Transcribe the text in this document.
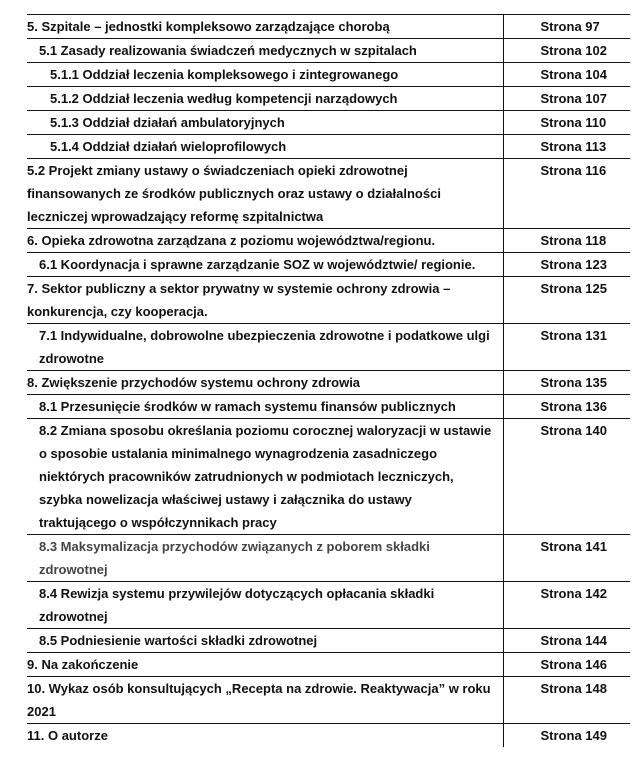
5. Szpitale – jednostki kompleksowo zarządzające chorobą	Strona 97
5.1 Zasady realizowania świadczeń medycznych w szpitalach	Strona 102
5.1.1 Oddział leczenia kompleksowego i zintegrowanego	Strona 104
5.1.2 Oddział leczenia według kompetencji narządowych	Strona 107
5.1.3 Oddział działań ambulatoryjnych	Strona 110
5.1.4 Oddział działań wieloprofilowych	Strona 113
5.2 Projekt zmiany ustawy o świadczeniach opieki zdrowotnej finansowanych ze środków publicznych oraz ustawy o działalności leczniczej wprowadzający reformę szpitalnictwa	Strona 116
6. Opieka zdrowotna zarządzana z poziomu województwa/regionu.	Strona 118
6.1 Koordynacja i sprawne zarządzanie SOZ w województwie/ regionie.	Strona 123
7. Sektor publiczny a sektor prywatny w systemie ochrony zdrowia – konkurencja, czy kooperacja.	Strona 125
7.1 Indywidualne, dobrowolne ubezpieczenia zdrowotne i podatkowe ulgi zdrowotne	Strona 131
8. Zwiększenie przychodów systemu ochrony zdrowia	Strona 135
8.1 Przesunięcie środków w ramach systemu finansów publicznych	Strona 136
8.2 Zmiana sposobu określania poziomu corocznej waloryzacji w ustawie o sposobie ustalania minimalnego wynagrodzenia zasadniczego niektórych pracowników zatrudnionych w podmiotach leczniczych, szybka nowelizacja właściwej ustawy i załącznika do ustawy traktującego o współczynnikach pracy	Strona 140
8.3 Maksymalizacja przychodów związanych z poborem składki zdrowotnej	Strona 141
8.4 Rewizja systemu przywilejów dotyczących opłacania składki zdrowotnej	Strona 142
8.5 Podniesienie wartości składki zdrowotnej	Strona 144
9. Na zakończenie	Strona 146
10. Wykaz osób konsultujących „Recepta na zdrowie. Reaktywacja” w roku 2021	Strona 148
11. O autorze	Strona 149
